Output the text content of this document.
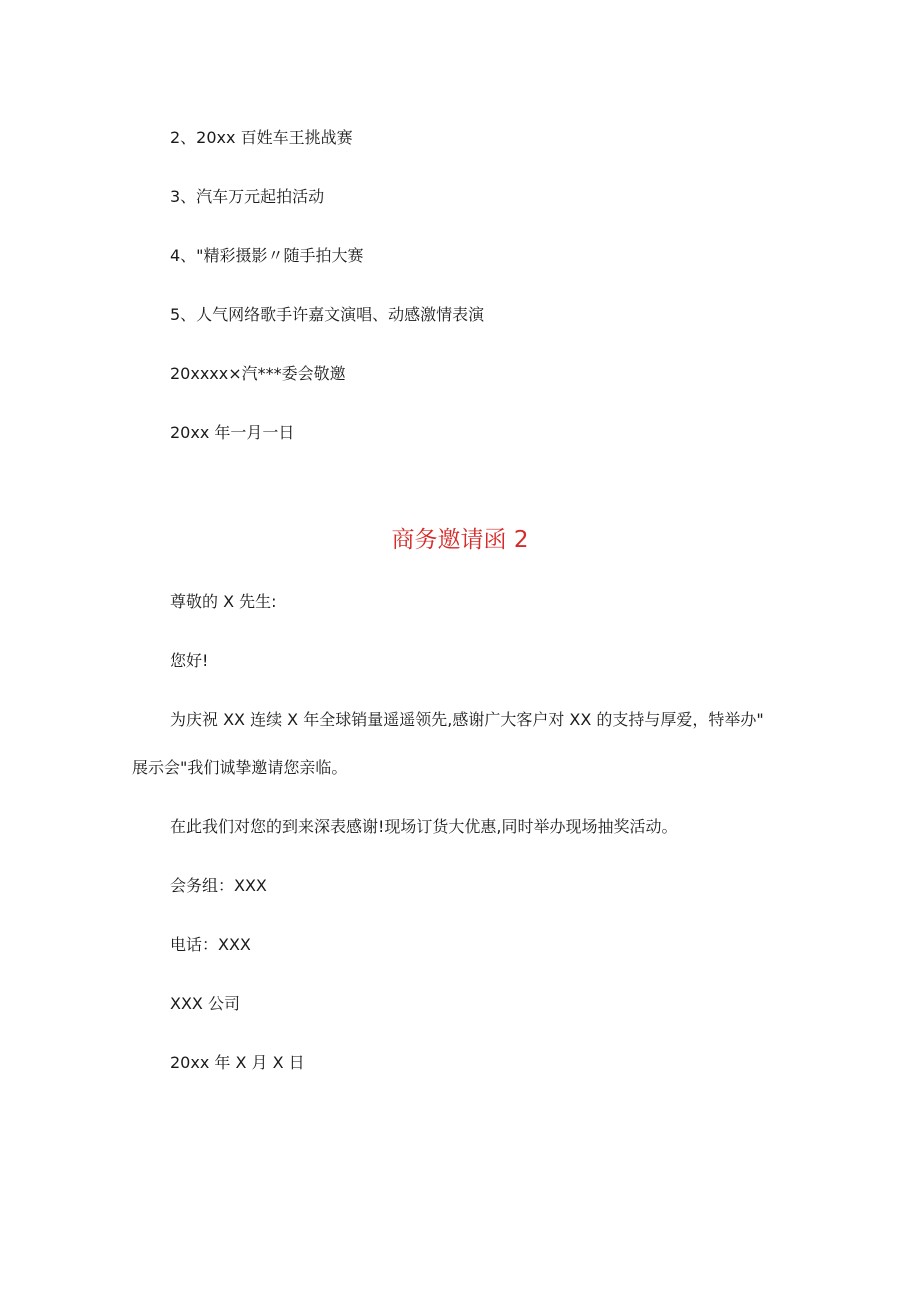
2、20xx 百姓车王挑战赛

3、汽车万元起拍活动

4、"精彩摄影〃随手拍大赛

5、人气网络歌手许嘉文演唱、动感激情表演

20xxxx×汽***委会敬邀

20xx 年一月一日

商务邀请函 2

尊敬的 X 先生:

您好!

为庆祝 XX 连续 X 年全球销量遥遥领先,感谢广大客户对 XX 的支持与厚爱，特举办"

展示会"我们诚挚邀请您亲临。

在此我们对您的到来深表感谢!现场订货大优惠,同时举办现场抽奖活动。

会务组：XXX

电话：XXX

XXX 公司

20xx 年 X 月 X 日
